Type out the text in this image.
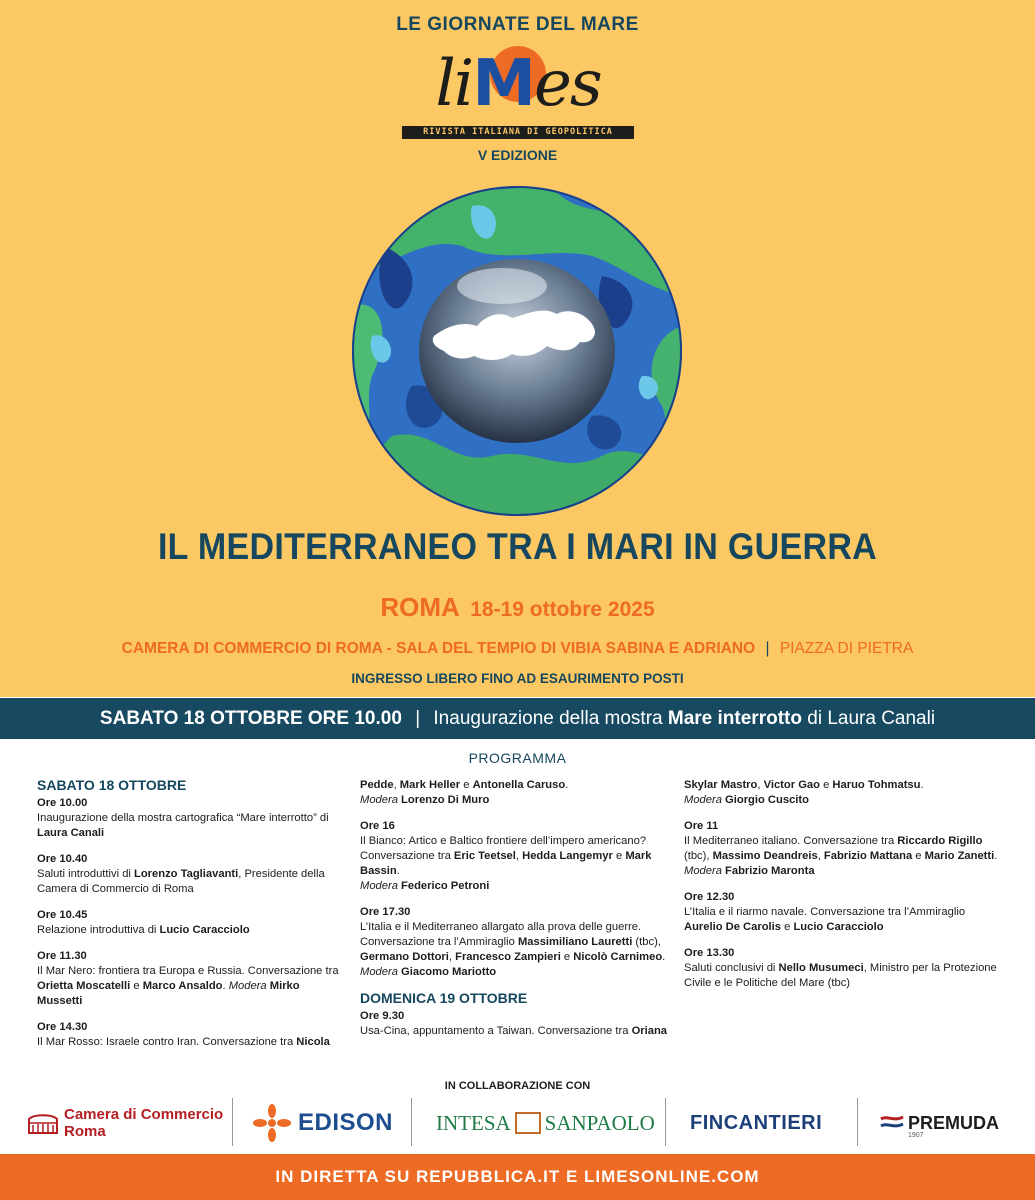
LE GIORNATE DEL MARE
liMes
RIVISTA ITALIANA DI GEOPOLITICA
V EDIZIONE
IL MEDITERRANEO TRA I MARI IN GUERRA
ROMA 18-19 ottobre 2025
CAMERA DI COMMERCIO DI ROMA - SALA DEL TEMPIO DI VIBIA SABINA E ADRIANO | PIAZZA DI PIETRA
INGRESSO LIBERO FINO AD ESAURIMENTO POSTI
SABATO 18 OTTOBRE ORE 10.00 | Inaugurazione della mostra Mare interrotto di Laura Canali
PROGRAMMA
SABATO 18 OTTOBRE
Ore 10.00
Inaugurazione della mostra cartografica “Mare interrotto” di Laura Canali
Ore 10.40
Saluti introduttivi di Lorenzo Tagliavanti, Presidente della Camera di Commercio di Roma
Ore 10.45
Relazione introduttiva di Lucio Caracciolo
Ore 11.30
Il Mar Nero: frontiera tra Europa e Russia. Conversazione tra Orietta Moscatelli e Marco Ansaldo. Modera Mirko Mussetti
Ore 14.30
Il Mar Rosso: Israele contro Iran. Conversazione tra Nicola
Pedde, Mark Heller e Antonella Caruso.
Modera Lorenzo Di Muro
Ore 16
Il Bianco: Artico e Baltico frontiere dell’impero americano? Conversazione tra Eric Teetsel, Hedda Langemyr e Mark Bassin.
Modera Federico Petroni
Ore 17.30
L’Italia e il Mediterraneo allargato alla prova delle guerre. Conversazione tra l’Ammiraglio Massimiliano Lauretti (tbc), Germano Dottori, Francesco Zampieri e Nicolò Carnimeo. Modera Giacomo Mariotto
DOMENICA 19 OTTOBRE
Ore 9.30
Usa-Cina, appuntamento a Taiwan. Conversazione tra Oriana
Skylar Mastro, Victor Gao e Haruo Tohmatsu.
Modera Giorgio Cuscito
Ore 11
Il Mediterraneo italiano. Conversazione tra Riccardo Rigillo (tbc), Massimo Deandreis, Fabrizio Mattana e Mario Zanetti.
Modera Fabrizio Maronta
Ore 12.30
L’Italia e il riarmo navale. Conversazione tra l’Ammiraglio Aurelio De Carolis e Lucio Caracciolo
Ore 13.30
Saluti conclusivi di Nello Musumeci, Ministro per la Protezione Civile e le Politiche del Mare (tbc)
IN COLLABORAZIONE CON
Camera di Commercio
Roma	EDISON INTESA SANPAOLO FINCANTIERI	PREMUDA
1907
IN DIRETTA SU REPUBBLICA.IT E LIMESONLINE.COM
